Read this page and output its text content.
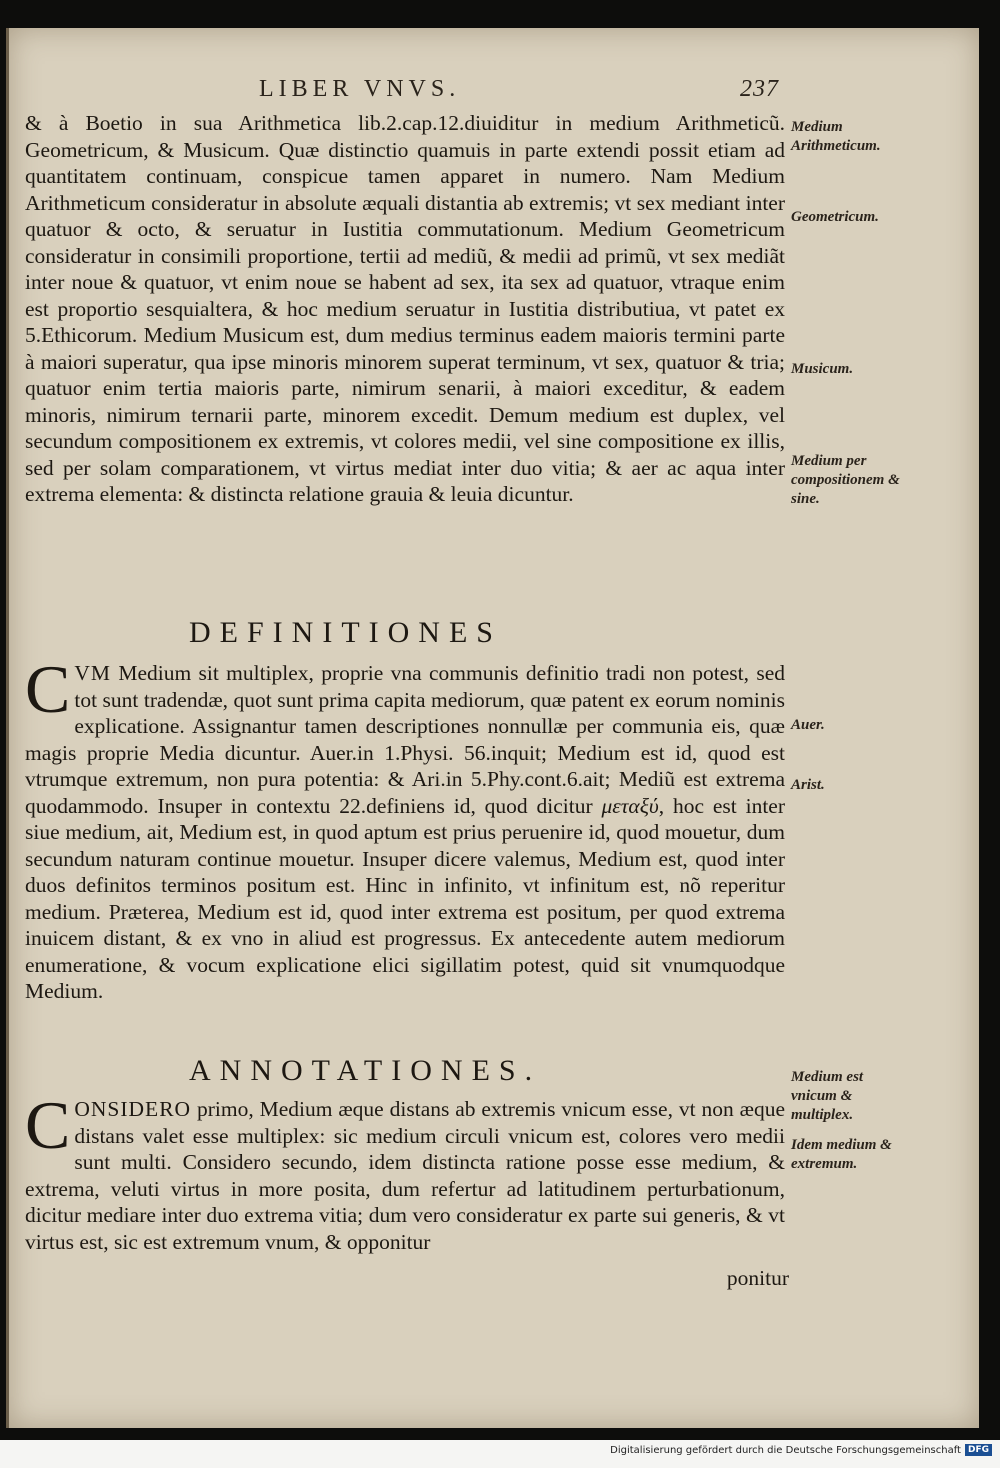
LIBER VNVS.	237
& à Boetio in sua Arithmetica lib.2.cap.12.diuiditur in medium Arithmeticũ. Geometricum, & Musicum. Quæ distinctio quamuis in parte extendi possit etiam ad quantitatem continuam, conspicue tamen apparet in numero. Nam Medium Arithmeticum consideratur in absolute æquali distantia ab extremis; vt sex mediant inter quatuor & octo, & seruatur in Iustitia commutationum. Medium Geometricum consideratur in consimili proportione, tertii ad mediũ, & medii ad primũ, vt sex mediãt inter noue & quatuor, vt enim noue se habent ad sex, ita sex ad quatuor, vtraque enim est proportio sesquialtera, & hoc medium seruatur in Iustitia distributiua, vt patet ex 5.Ethicorum. Medium Musicum est, dum medius terminus eadem maioris termini parte à maiori superatur, qua ipse minoris minorem superat terminum, vt sex, quatuor & tria; quatuor enim tertia maioris parte, nimirum senarii, à maiori exceditur, & eadem minoris, nimirum ternarii parte, minorem excedit. Demum medium est duplex, vel secundum compositionem ex extremis, vt colores medii, vel sine compositione ex illis, sed per solam comparationem, vt virtus mediat inter duo vitia; & aer ac aqua inter extrema elementa: & distincta relatione grauia & leuia dicuntur.
Medium Arithmeticum.
Geometricum.
Musicum.
Medium per compositionem & sine.
DEFINITIONES
CVM Medium sit multiplex, proprie vna communis definitio tradi non potest, sed tot sunt tradendæ, quot sunt prima capita mediorum, quæ patent ex eorum nominis explicatione. Assignantur tamen descriptiones nonnullæ per communia eis, quæ magis proprie Media dicuntur. Auer.in 1.Physi. 56.inquit; Medium est id, quod est vtrumque extremum, non pura potentia: & Ari.in 5.Phy.cont.6.ait; Mediũ est extrema quodammodo. Insuper in contextu 22.definiens id, quod dicitur μεταξύ, hoc est inter siue medium, ait, Medium est, in quod aptum est prius peruenire id, quod mouetur, dum secundum naturam continue mouetur. Insuper dicere valemus, Medium est, quod inter duos definitos terminos positum est. Hinc in infinito, vt infinitum est, nõ reperitur medium. Præterea, Medium est id, quod inter extrema est positum, per quod extrema inuicem distant, & ex vno in aliud est progressus. Ex antecedente autem mediorum enumeratione, & vocum explicatione elici sigillatim potest, quid sit vnumquodque Medium.
Auer.
Arist.
ANNOTATIONES.
CONSIDERO primo, Medium æque distans ab extremis vnicum esse, vt non æque distans valet esse multiplex: sic medium circuli vnicum est, colores vero medii sunt multi. Considero secundo, idem distincta ratione posse esse medium, & extrema, veluti virtus in more posita, dum refertur ad latitudinem perturbationum, dicitur mediare inter duo extrema vitia; dum vero consideratur ex parte sui generis, & vt virtus est, sic est extremum vnum, & opponitur
Medium est vnicum & multiplex.
Idem medium & extremum.
ponitur
Digitalisierung gefördert durch die Deutsche Forschungsgemeinschaft DFG
